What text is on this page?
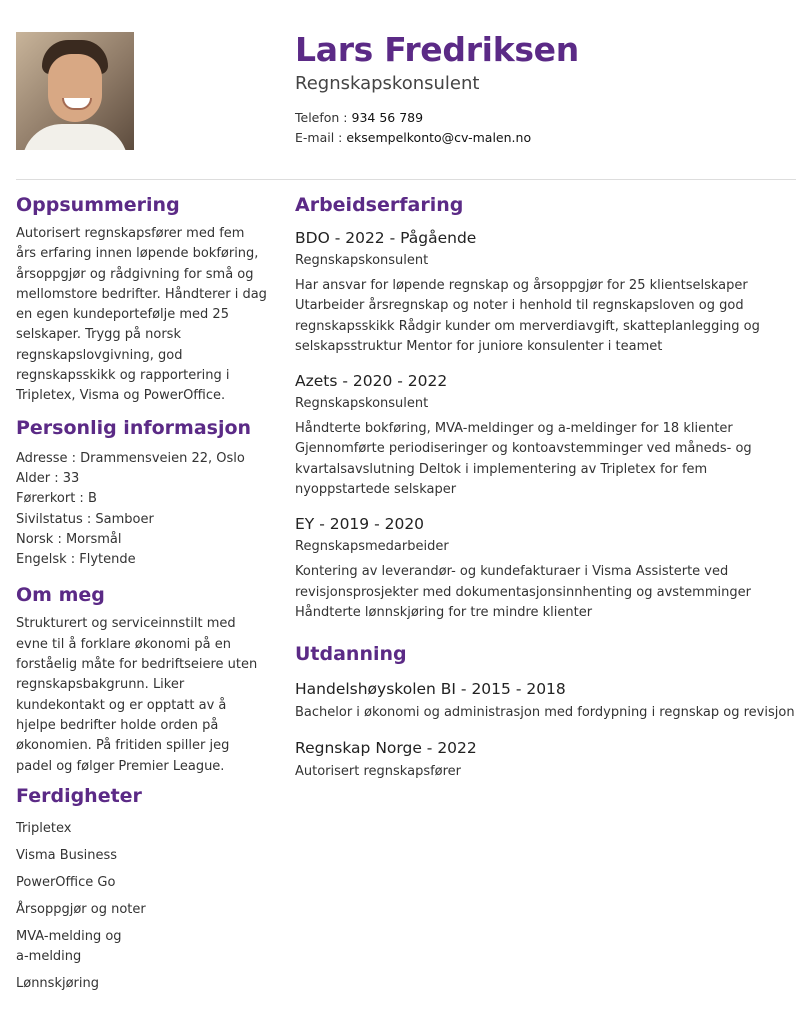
Lars Fredriksen
Regnskapskonsulent
Telefon : 934 56 789
E-mail : eksempelkonto@cv-malen.no
Oppsummering

Autorisert regnskapsfører med fem års erfaring innen løpende bokføring, årsoppgjør og rådgivning for små og mellomstore bedrifter. Håndterer i dag en egen kundeportefølje med 25 selskaper. Trygg på norsk regnskapslovgivning, god regnskapsskikk og rapportering i Tripletex, Visma og PowerOffice.

Personlig informasjon
Adresse : Drammensveien 22, Oslo
Alder : 33
Førerkort : B
Sivilstatus : Samboer
Norsk : Morsmål
Engelsk : Flytende
Om meg

Strukturert og serviceinnstilt med evne til å forklare økonomi på en forståelig måte for bedriftseiere uten regnskapsbakgrunn. Liker kundekontakt og er opptatt av å hjelpe bedrifter holde orden på økonomien. På fritiden spiller jeg padel og følger Premier League.

Ferdigheter
Tripletex
Visma Business
PowerOffice Go
Årsoppgjør og noter
MVA-melding og a-melding
Lønnskjøring
Arbeidserfaring
BDO - 2022 - Pågående
Regnskapskonsulent
Har ansvar for løpende regnskap og årsoppgjør for 25 klientselskaper Utarbeider årsregnskap og noter i henhold til regnskapsloven og god regnskapsskikk Rådgir kunder om merverdiavgift, skatteplanlegging og selskapsstruktur Mentor for juniore konsulenter i teamet
Azets - 2020 - 2022
Regnskapskonsulent
Håndterte bokføring, MVA-meldinger og a-meldinger for 18 klienter Gjennomførte periodiseringer og kontoavstemminger ved måneds- og kvartalsavslutning Deltok i implementering av Tripletex for fem nyoppstartede selskaper
EY - 2019 - 2020
Regnskapsmedarbeider
Kontering av leverandør- og kundefakturaer i Visma Assisterte ved revisjonsprosjekter med dokumentasjonsinnhenting og avstemminger Håndterte lønnskjøring for tre mindre klienter
Utdanning
Handelshøyskolen BI - 2015 - 2018
Bachelor i økonomi og administrasjon med fordypning i regnskap og revisjon
Regnskap Norge - 2022
Autorisert regnskapsfører
